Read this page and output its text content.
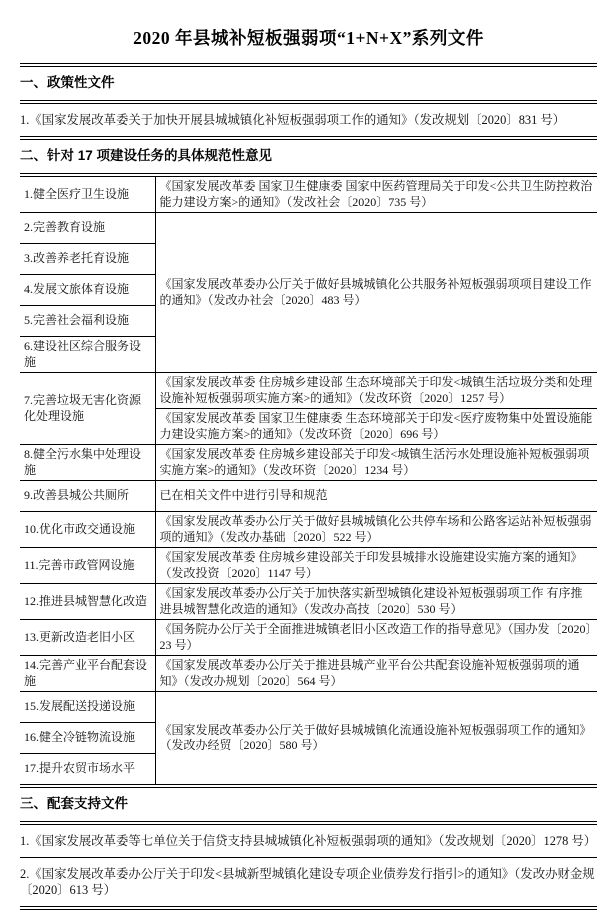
2020 年县城补短板强弱项“1+N+X”系列文件
一、政策性文件

1.《国家发展改革委关于加快开展县城城镇化补短板强弱项工作的通知》（发改规划〔2020〕831 号）

二、针对 17 项建设任务的具体规范性意见
1.健全医疗卫生设施	《国家发展改革委 国家卫生健康委 国家中医药管理局关于印发<公共卫生防控救治能力建设方案>的通知》（发改社会〔2020〕735 号）
2.完善教育设施	《国家发展改革委办公厅关于做好县城城镇化公共服务补短板强弱项项目建设工作的通知》（发改办社会〔2020〕483 号）
3.改善养老托育设施	
4.发展文旅体育设施	
5.完善社会福利设施	
6.建设社区综合服务设施	
7.完善垃圾无害化资源化处理设施	《国家发展改革委 住房城乡建设部 生态环境部关于印发<城镇生活垃圾分类和处理设施补短板强弱项实施方案>的通知》（发改环资〔2020〕1257 号）
	《国家发展改革委 国家卫生健康委 生态环境部关于印发<医疗废物集中处置设施能力建设实施方案>的通知》（发改环资〔2020〕696 号）
8.健全污水集中处理设施	《国家发展改革委 住房城乡建设部关于印发<城镇生活污水处理设施补短板强弱项实施方案>的通知》（发改环资〔2020〕1234 号）
9.改善县城公共厕所	已在相关文件中进行引导和规范
10.优化市政交通设施	《国家发展改革委办公厅关于做好县城城镇化公共停车场和公路客运站补短板强弱项的通知》（发改办基础〔2020〕522 号）
11.完善市政管网设施	《国家发展改革委 住房城乡建设部关于印发县城排水设施建设实施方案的通知》（发改投资〔2020〕1147 号）
12.推进县城智慧化改造	《国家发展改革委办公厅关于加快落实新型城镇化建设补短板强弱项工作 有序推进县城智慧化改造的通知》（发改办高技〔2020〕530 号）
13.更新改造老旧小区	《国务院办公厅关于全面推进城镇老旧小区改造工作的指导意见》（国办发〔2020〕23 号）
14.完善产业平台配套设施	《国家发展改革委办公厅关于推进县城产业平台公共配套设施补短板强弱项的通知》（发改办规划〔2020〕564 号）
15.发展配送投递设施	《国家发展改革委办公厅关于做好县城城镇化流通设施补短板强弱项工作的通知》（发改办经贸〔2020〕580 号）
16.健全冷链物流设施	
17.提升农贸市场水平	
三、配套支持文件

1.《国家发展改革委等七单位关于信贷支持县城城镇化补短板强弱项的通知》（发改规划〔2020〕1278 号）

2.《国家发展改革委办公厅关于印发<县城新型城镇化建设专项企业债券发行指引>的通知》（发改办财金规〔2020〕613 号）
